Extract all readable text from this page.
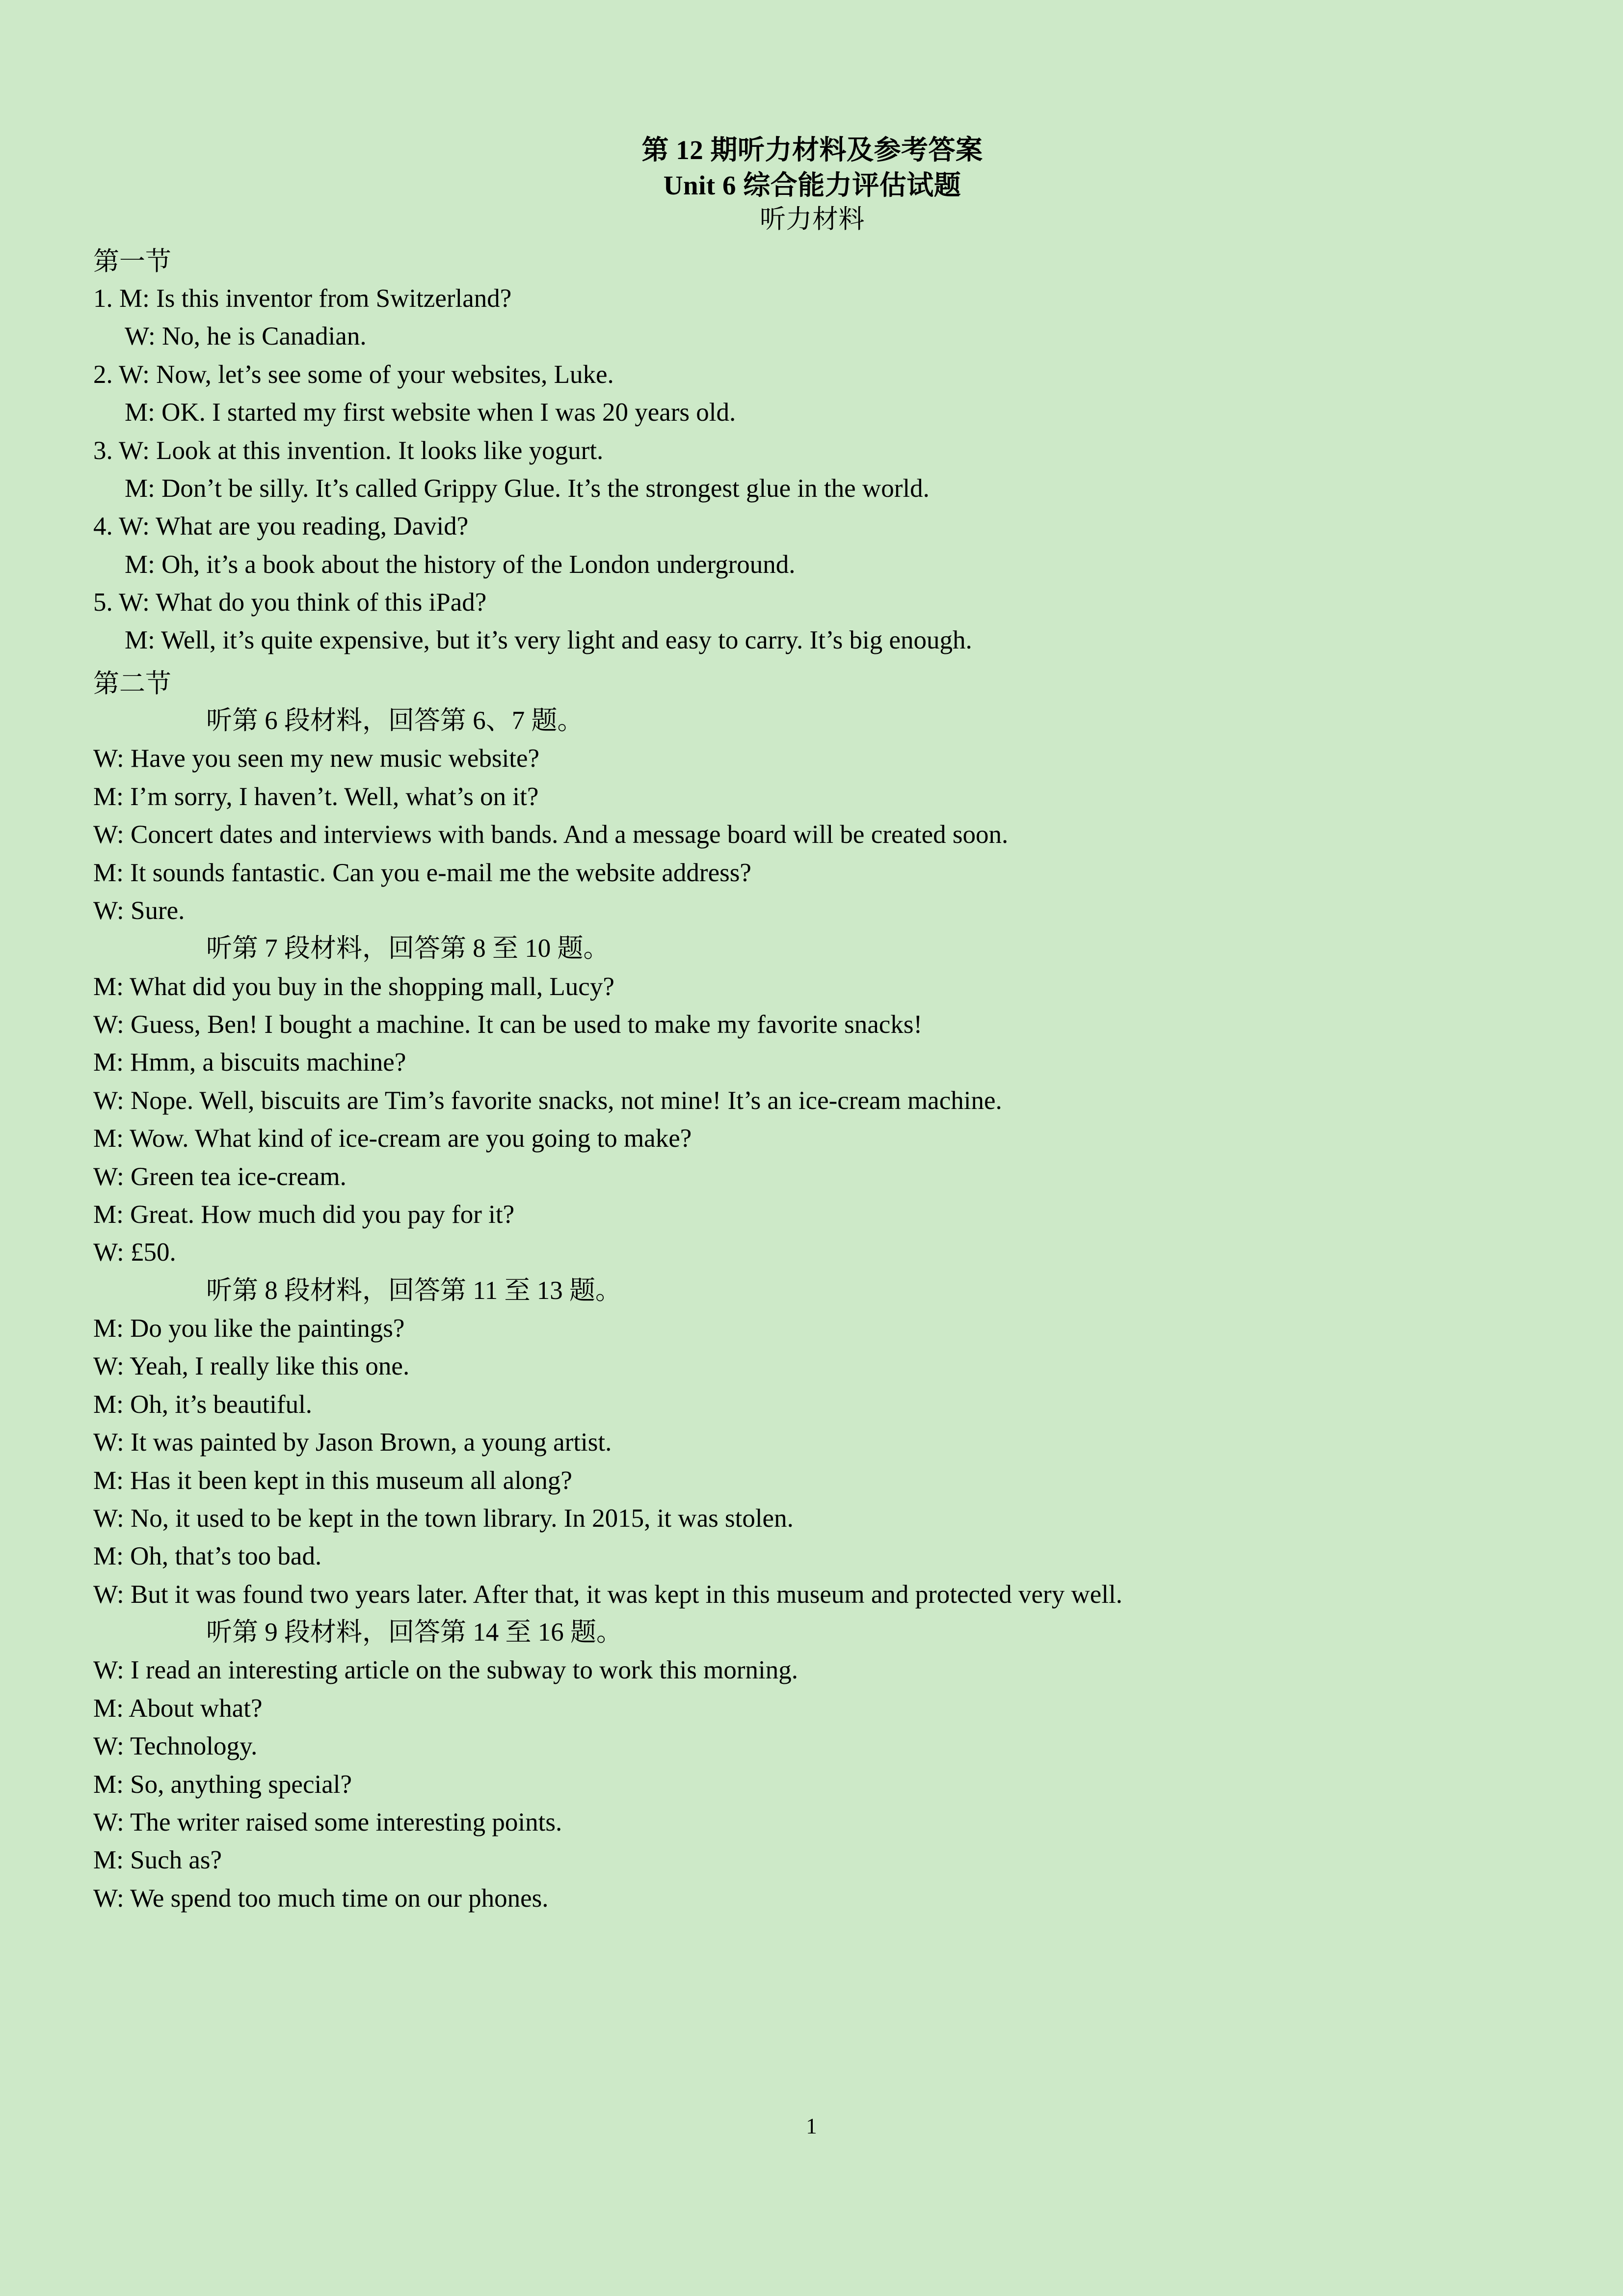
第 12 期听力材料及参考答案
Unit 6 综合能力评估试题
听力材料
第一节
1. M: Is this inventor from Switzerland?
W: No, he is Canadian.
2. W: Now, let’s see some of your websites, Luke.
M: OK. I started my first website when I was 20 years old.
3. W: Look at this invention. It looks like yogurt.
M: Don’t be silly. It’s called Grippy Glue. It’s the strongest glue in the world.
4. W: What are you reading, David?
M: Oh, it’s a book about the history of the London underground.
5. W: What do you think of this iPad?
M: Well, it’s quite expensive, but it’s very light and easy to carry. It’s big enough.
第二节
听第 6 段材料，回答第 6、7 题。
W: Have you seen my new music website?
M: I’m sorry, I haven’t. Well, what’s on it?
W: Concert dates and interviews with bands. And a message board will be created soon.
M: It sounds fantastic. Can you e-mail me the website address?
W: Sure.
听第 7 段材料，回答第 8 至 10 题。
M: What did you buy in the shopping mall, Lucy?
W: Guess, Ben! I bought a machine. It can be used to make my favorite snacks!
M: Hmm, a biscuits machine?
W: Nope. Well, biscuits are Tim’s favorite snacks, not mine! It’s an ice-cream machine.
M: Wow. What kind of ice-cream are you going to make?
W: Green tea ice-cream.
M: Great. How much did you pay for it?
W: £50.
听第 8 段材料，回答第 11 至 13 题。
M: Do you like the paintings?
W: Yeah, I really like this one.
M: Oh, it’s beautiful.
W: It was painted by Jason Brown, a young artist.
M: Has it been kept in this museum all along?
W: No, it used to be kept in the town library. In 2015, it was stolen.
M: Oh, that’s too bad.
W: But it was found two years later. After that, it was kept in this museum and protected very well.
听第 9 段材料，回答第 14 至 16 题。
W: I read an interesting article on the subway to work this morning.
M: About what?
W: Technology.
M: So, anything special?
W: The writer raised some interesting points.
M: Such as?
W: We spend too much time on our phones.
1
